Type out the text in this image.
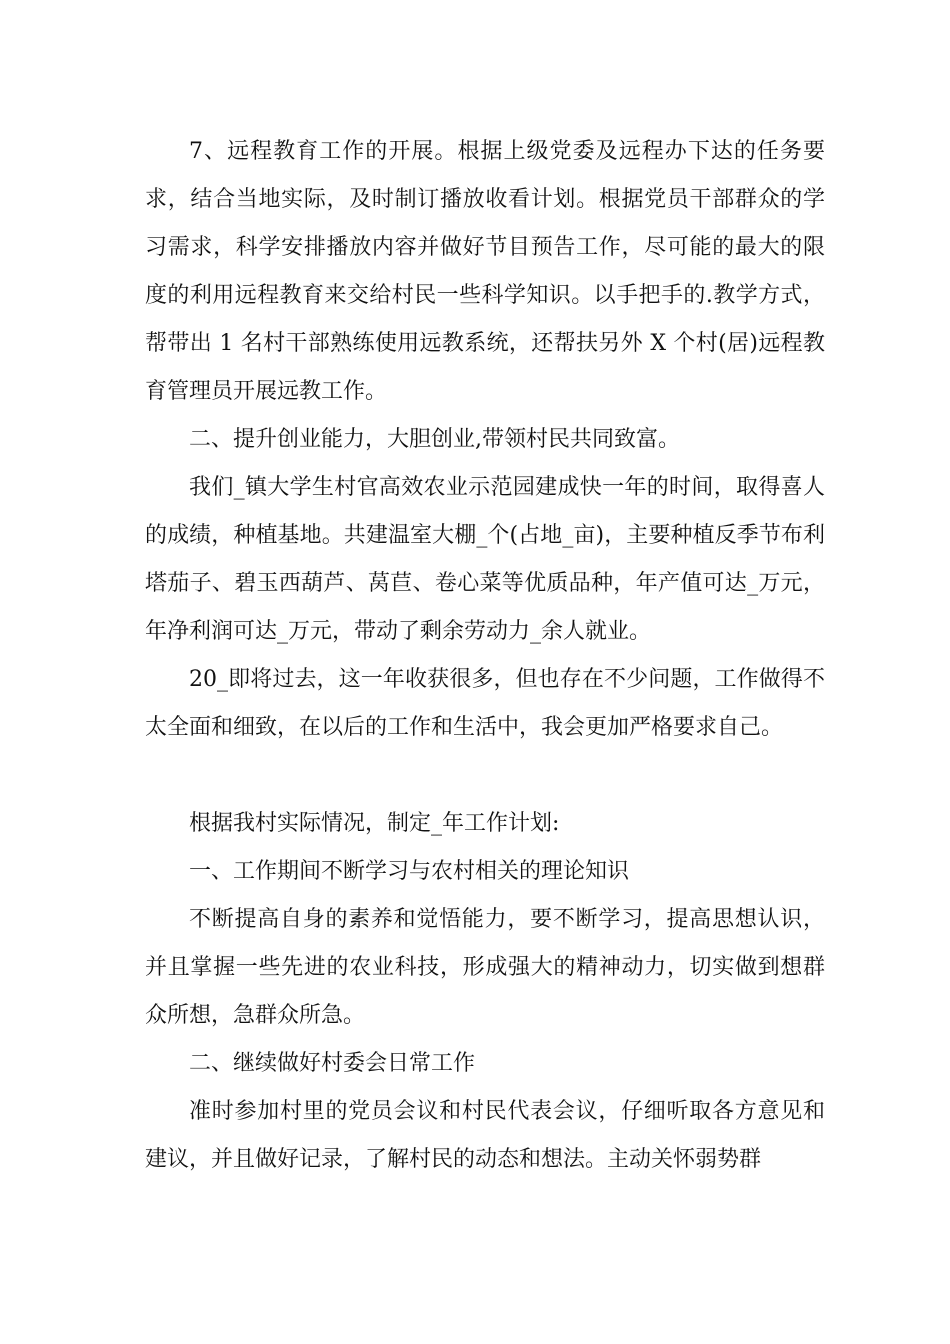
7、远程教育工作的开展。根据上级党委及远程办下达的任务要求，结合当地实际，及时制订播放收看计划。根据党员干部群众的学习需求，科学安排播放内容并做好节目预告工作，尽可能的最大的限度的利用远程教育来交给村民一些科学知识。以手把手的.教学方式，帮带出 1 名村干部熟练使用远教系统，还帮扶另外 X 个村(居)远程教育管理员开展远教工作。

二、提升创业能力，大胆创业,带领村民共同致富。

我们_镇大学生村官高效农业示范园建成快一年的时间，取得喜人的成绩，种植基地。共建温室大棚_个(占地_亩)，主要种植反季节布利塔茄子、碧玉西葫芦、莴苣、卷心菜等优质品种，年产值可达_万元，年净利润可达_万元，带动了剩余劳动力_余人就业。

20_即将过去，这一年收获很多，但也存在不少问题，工作做得不太全面和细致，在以后的工作和生活中，我会更加严格要求自己。

根据我村实际情况，制定_年工作计划:

一、工作期间不断学习与农村相关的理论知识

不断提高自身的素养和觉悟能力，要不断学习，提高思想认识，并且掌握一些先进的农业科技，形成强大的精神动力，切实做到想群众所想，急群众所急。

二、继续做好村委会日常工作

准时参加村里的党员会议和村民代表会议，仔细听取各方意见和建议，并且做好记录，了解村民的动态和想法。主动关怀弱势群
